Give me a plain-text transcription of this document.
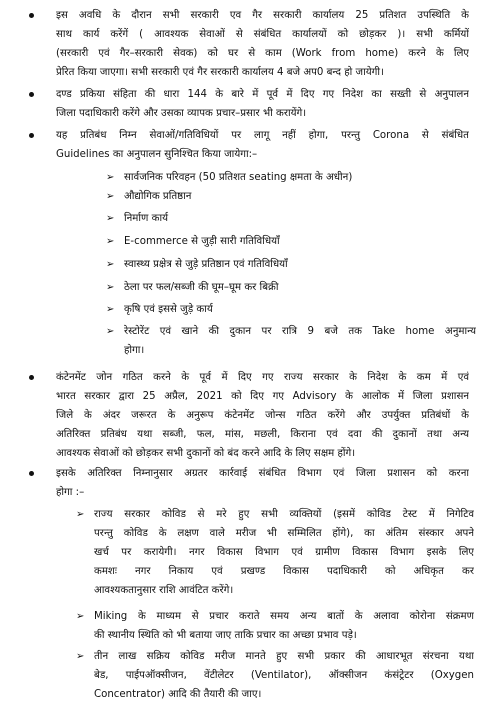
इस अवधि के दौरान सभी सरकारी एव गैर सरकारी कार्यालय 25 प्रतिशत उपस्थिति के
साथ कार्य करेंगें ( आवश्यक सेवाओं से संबंधित कार्यालयों को छोड़कर )। सभी कर्मियों
(सरकारी एवं गैर–सरकारी सेवक) को घर से काम (Work from home) करने के लिए
प्रेरित किया जाएगा। सभी सरकारी एवं गैर सरकारी कार्यालय 4 बजे अप0 बन्द हो जायेगी।
दण्ड प्रकिया संहिता की धारा 144 के बारे में पूर्व में दिए गए निदेश का सख्ती से अनुपालन
जिला पदाधिकारी करेंगे और उसका व्यापक प्रचार–प्रसार भी करायेंगे।
यह प्रतिबंध निम्न सेवाओं/गतिविधियों पर लागू नहीं होगा, परन्तु Corona से संबंधित
Guidelines का अनुपालन सुनिश्चित किया जायेगा:–
➢ सार्वजनिक परिवहन (50 प्रतिशत seating क्षमता के अधीन)
➢ औद्योगिक प्रतिष्ठान
➢ निर्माण कार्य
➢ E-commerce से जुड़ी सारी गतिविधियाँ
➢ स्वास्थ्य प्रक्षेत्र से जुड़े प्रतिष्ठान एवं गतिविधियाँ
➢ ठेला पर फल/सब्जी की घूम–घूम कर बिक्री
➢ कृषि एवं इससे जुड़े कार्य
➢ रेस्टोरेंट एवं खाने की दुकान पर रात्रि 9 बजे तक Take home अनुमान्य
होगा।
कंटेनमेंट जोन गठित करने के पूर्व में दिए गए राज्य सरकार के निदेश के कम में एवं
भारत सरकार द्वारा 25 अप्रैल, 2021 को दिए गए Advisory के आलोक में जिला प्रशासन
जिले के अंदर जरूरत के अनुरूप कंटेनमेंट जोन्स गठित करेंगे और उपर्युक्त प्रतिबंधों के
अतिरिक्त प्रतिबंध यथा सब्जी, फल, मांस, मछली, किराना एवं दवा की दुकानों तथा अन्य
आवश्यक सेवाओं को छोड़कर सभी दुकानों को बंद करने आदि के लिए सक्षम होंगे।
इसके अतिरिक्त निम्नानुसार अग्रतर कार्रवाई संबंधित विभाग एवं जिला प्रशासन को करना
होगा :–
➢ राज्य सरकार कोविड से मरे हुए सभी व्यक्तियों (इसमें कोविड टेस्ट में निगेटिव
परन्तु कोविड के लक्षण वाले मरीज भी सम्मिलित होंगे), का अंतिम संस्कार अपने
खर्च पर करायेगी। नगर विकास विभाग एवं ग्रामीण विकास विभाग इसके लिए
कमशः नगर निकाय एवं प्रखण्ड विकास पदाधिकारी को अधिकृत कर
आवश्यकतानुसार राशि आवंटित करेंगे।
➢ Miking के माध्यम से प्रचार कराते समय अन्य बातों के अलावा कोरोना संक्रमण
की स्थानीय स्थिति को भी बताया जाए ताकि प्रचार का अच्छा प्रभाव पड़े।
➢ तीन लाख सक्रिय कोविड मरीज मानते हुए सभी प्रकार की आधारभूत संरचना यथा
बेड, पाईपऑक्सीजन, वेंटीलेटर (Ventilator), ऑक्सीजन कंसंट्रेटर (Oxygen
Concentrator) आदि की तैयारी की जाए।
